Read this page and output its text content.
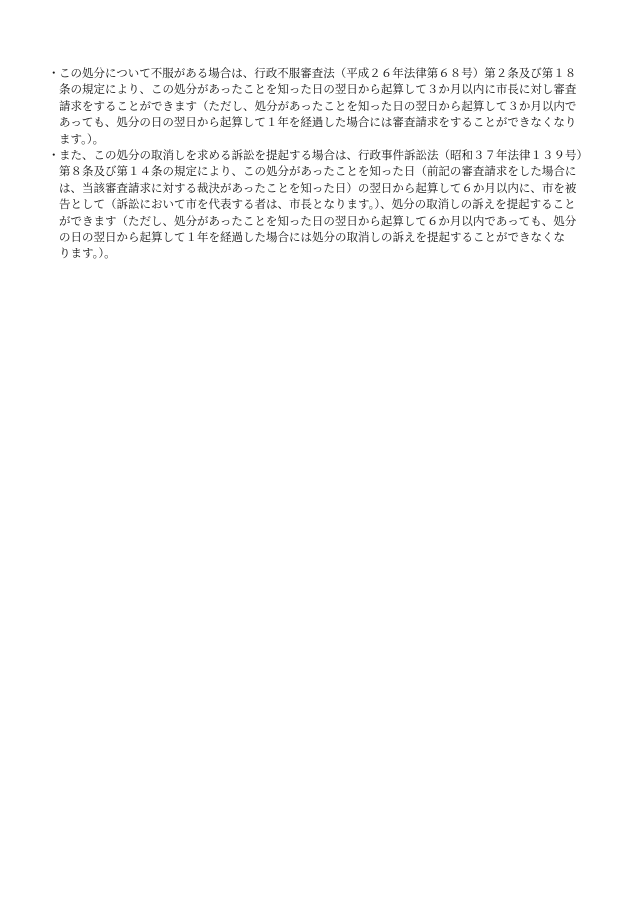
・ この処分について不服がある場合は、行政不服審査法（平成２６年法律第６８号）第２条及び第１８
条の規定により、この処分があったことを知った日の翌日から起算して３か月以内に市長に対し審査
請求をすることができます（ただし、処分があったことを知った日の翌日から起算して３か月以内で
あっても、処分の日の翌日から起算して１年を経過した場合には審査請求をすることができなくなり
ます。）。
・ また、この処分の取消しを求める訴訟を提起する場合は、行政事件訴訟法（昭和３７年法律１３９号）
第８条及び第１４条の規定により、この処分があったことを知った日（前記の審査請求をした場合に
は、当該審査請求に対する裁決があったことを知った日）の翌日から起算して６か月以内に、市を被
告として（訴訟において市を代表する者は、市長となります。）、処分の取消しの訴えを提起すること
ができます（ただし、処分があったことを知った日の翌日から起算して６か月以内であっても、処分
の日の翌日から起算して１年を経過した場合には処分の取消しの訴えを提起することができなくな
ります。）。
